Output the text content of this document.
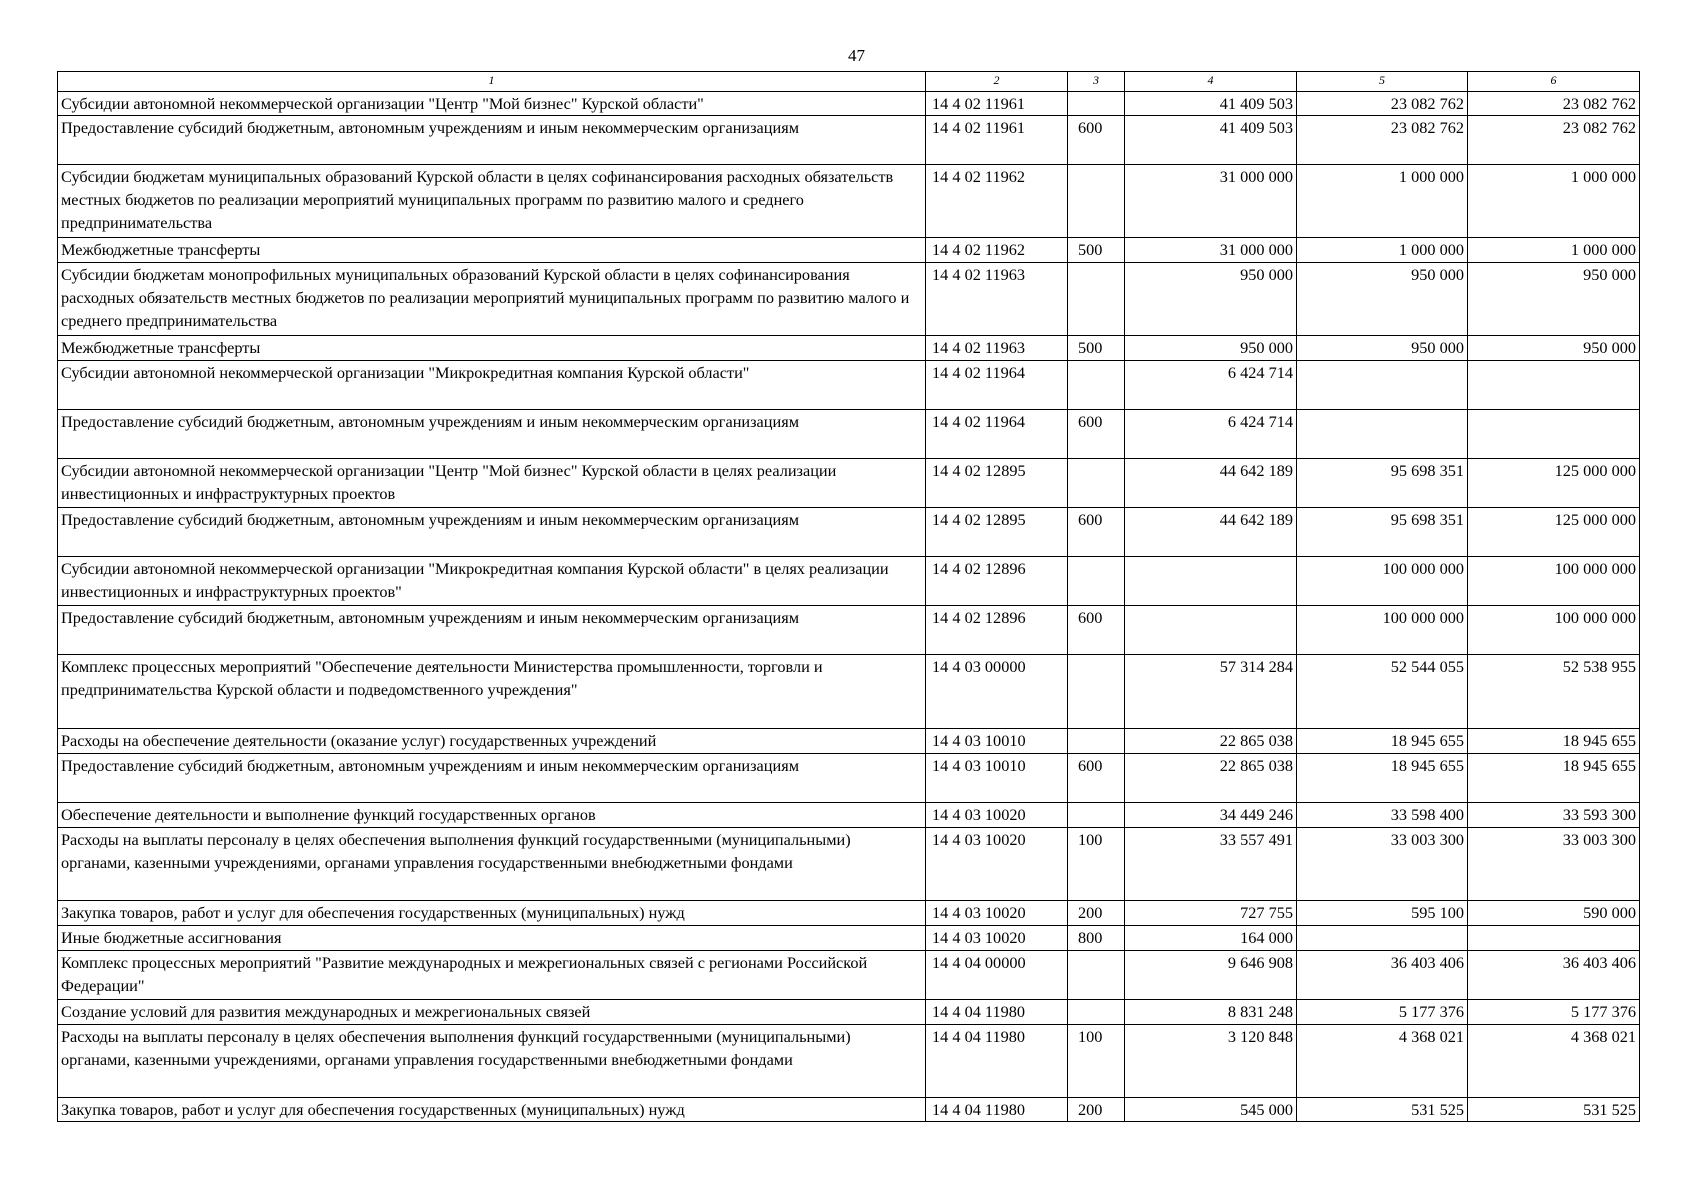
47
1	2	3	4	5	6
Субсидии автономной некоммерческой организации "Центр "Мой бизнес" Курской области"	14 4 02 11961		41 409 503	23 082 762	23 082 762
Предоставление субсидий бюджетным, автономным учреждениям и иным некоммерческим организациям	14 4 02 11961	600	41 409 503	23 082 762	23 082 762
Субсидии бюджетам муниципальных образований Курской области в целях софинансирования расходных обязательств местных бюджетов по реализации мероприятий муниципальных программ по развитию малого и среднего предпринимательства	14 4 02 11962		31 000 000	1 000 000	1 000 000
Межбюджетные трансферты	14 4 02 11962	500	31 000 000	1 000 000	1 000 000
Субсидии бюджетам монопрофильных муниципальных образований Курской области в целях софинансирования расходных обязательств местных бюджетов по реализации мероприятий муниципальных программ по развитию малого и среднего предпринимательства	14 4 02 11963		950 000	950 000	950 000
Межбюджетные трансферты	14 4 02 11963	500	950 000	950 000	950 000
Субсидии автономной некоммерческой организации "Микрокредитная компания Курской области"	14 4 02 11964		6 424 714		
Предоставление субсидий бюджетным, автономным учреждениям и иным некоммерческим организациям	14 4 02 11964	600	6 424 714		
Субсидии автономной некоммерческой организации "Центр "Мой бизнес" Курской области в целях реализации инвестиционных и инфраструктурных проектов	14 4 02 12895		44 642 189	95 698 351	125 000 000
Предоставление субсидий бюджетным, автономным учреждениям и иным некоммерческим организациям	14 4 02 12895	600	44 642 189	95 698 351	125 000 000
Субсидии автономной некоммерческой организации "Микрокредитная компания Курской области" в целях реализации инвестиционных и инфраструктурных проектов"	14 4 02 12896			100 000 000	100 000 000
Предоставление субсидий бюджетным, автономным учреждениям и иным некоммерческим организациям	14 4 02 12896	600		100 000 000	100 000 000
Комплекс процессных мероприятий "Обеспечение деятельности Министерства промышленности, торговли и предпринимательства Курской области и подведомственного учреждения"	14 4 03 00000		57 314 284	52 544 055	52 538 955
Расходы на обеспечение деятельности (оказание услуг) государственных учреждений	14 4 03 10010		22 865 038	18 945 655	18 945 655
Предоставление субсидий бюджетным, автономным учреждениям и иным некоммерческим организациям	14 4 03 10010	600	22 865 038	18 945 655	18 945 655
Обеспечение деятельности и выполнение функций государственных органов	14 4 03 10020		34 449 246	33 598 400	33 593 300
Расходы на выплаты персоналу в целях обеспечения выполнения функций государственными (муниципальными) органами, казенными учреждениями, органами управления государственными внебюджетными фондами	14 4 03 10020	100	33 557 491	33 003 300	33 003 300
Закупка товаров, работ и услуг для обеспечения государственных (муниципальных) нужд	14 4 03 10020	200	727 755	595 100	590 000
Иные бюджетные ассигнования	14 4 03 10020	800	164 000		
Комплекс процессных мероприятий "Развитие международных и межрегиональных связей с регионами Российской Федерации"	14 4 04 00000		9 646 908	36 403 406	36 403 406
Создание условий для развития международных и межрегиональных связей	14 4 04 11980		8 831 248	5 177 376	5 177 376
Расходы на выплаты персоналу в целях обеспечения выполнения функций государственными (муниципальными) органами, казенными учреждениями, органами управления государственными внебюджетными фондами	14 4 04 11980	100	3 120 848	4 368 021	4 368 021
Закупка товаров, работ и услуг для обеспечения государственных (муниципальных) нужд	14 4 04 11980	200	545 000	531 525	531 525
